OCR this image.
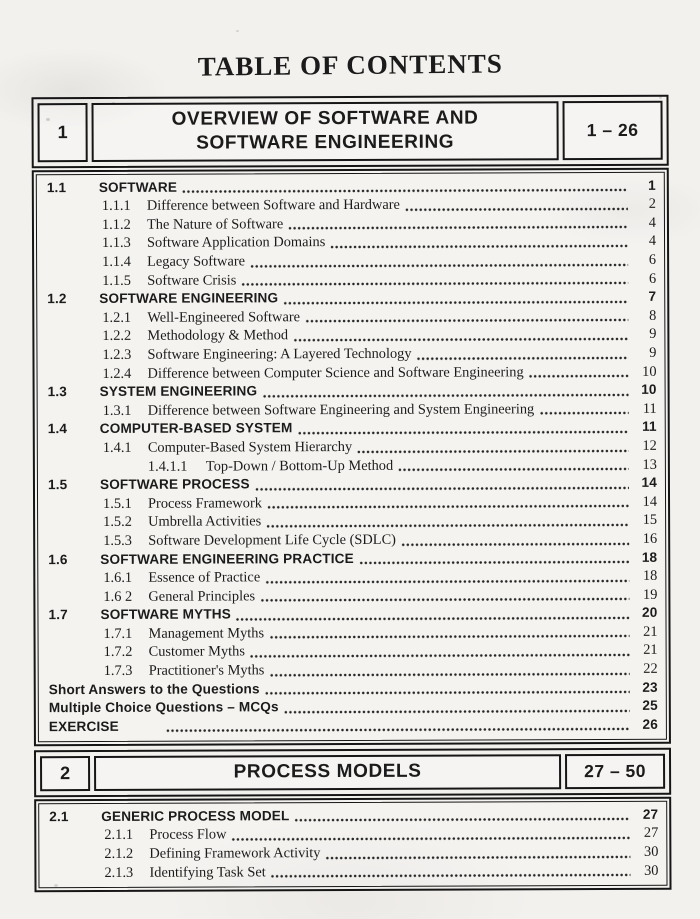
TABLE OF CONTENTS
1
OVERVIEW OF SOFTWARE AND
SOFTWARE ENGINEERING
1 – 26
1.1	SOFTWARE	1
1.1.1	Difference between Software and Hardware	2
1.1.2	The Nature of Software	4
1.1.3	Software Application Domains	4
1.1.4	Legacy Software	6
1.1.5	Software Crisis	6
1.2	SOFTWARE ENGINEERING	7
1.2.1	Well-Engineered Software	8
1.2.2	Methodology & Method	9
1.2.3	Software Engineering: A Layered Technology	9
1.2.4	Difference between Computer Science and Software Engineering	10
1.3	SYSTEM ENGINEERING	10
1.3.1	Difference between Software Engineering and System Engineering	11
1.4	COMPUTER-BASED SYSTEM	11
1.4.1	Computer-Based System Hierarchy	12
1.4.1.1	Top-Down / Bottom-Up Method	13
1.5	SOFTWARE PROCESS	14
1.5.1	Process Framework	14
1.5.2	Umbrella Activities	15
1.5.3	Software Development Life Cycle (SDLC)	16
1.6	SOFTWARE ENGINEERING PRACTICE	18
1.6.1	Essence of Practice	18
1.6 2	General Principles	19
1.7	SOFTWARE MYTHS	20
1.7.1	Management Myths	21
1.7.2	Customer Myths	21
1.7.3	Practitioner's Myths	22
Short Answers to the Questions	23
Multiple Choice Questions – MCQs	25
EXERCISE	26
2	PROCESS MODELS	27 – 50
2.1	GENERIC PROCESS MODEL	27
2.1.1	Process Flow	27
2.1.2	Defining Framework Activity	30
2.1.3	Identifying Task Set	30
